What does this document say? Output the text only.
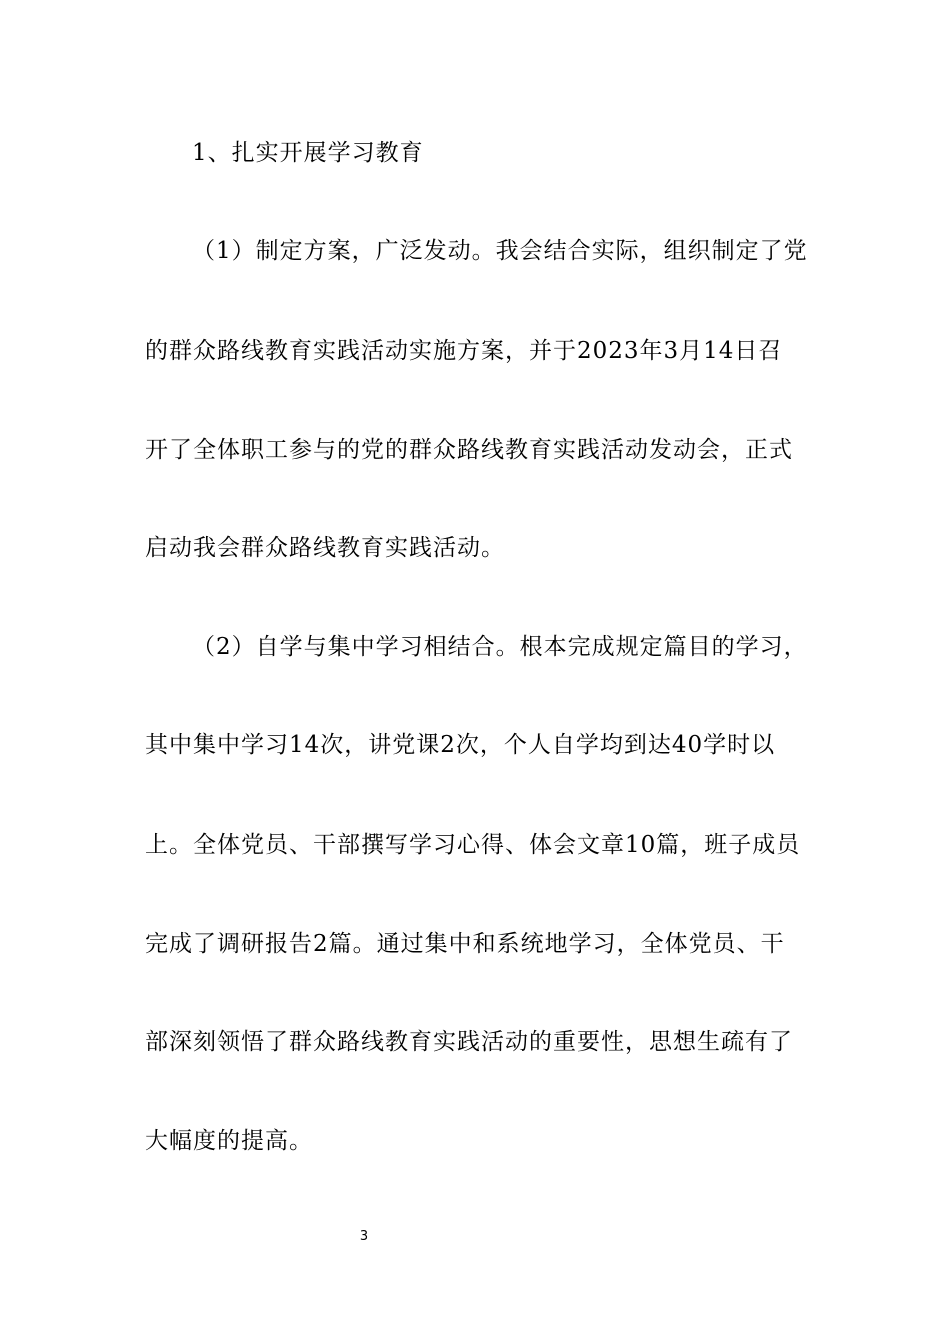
1、扎实开展学习教育
（1）制定方案，广泛发动。我会结合实际，组织制定了党
的群众路线教育实践活动实施方案，并于2023年3月14日召
开了全体职工参与的党的群众路线教育实践活动发动会，正式
启动我会群众路线教育实践活动。
（2）自学与集中学习相结合。根本完成规定篇目的学习，
其中集中学习14次，讲党课2次，个人自学均到达40学时以
上。全体党员、干部撰写学习心得、体会文章10篇，班子成员
完成了调研报告2篇。通过集中和系统地学习，全体党员、干
部深刻领悟了群众路线教育实践活动的重要性，思想生疏有了
大幅度的提高。
3
